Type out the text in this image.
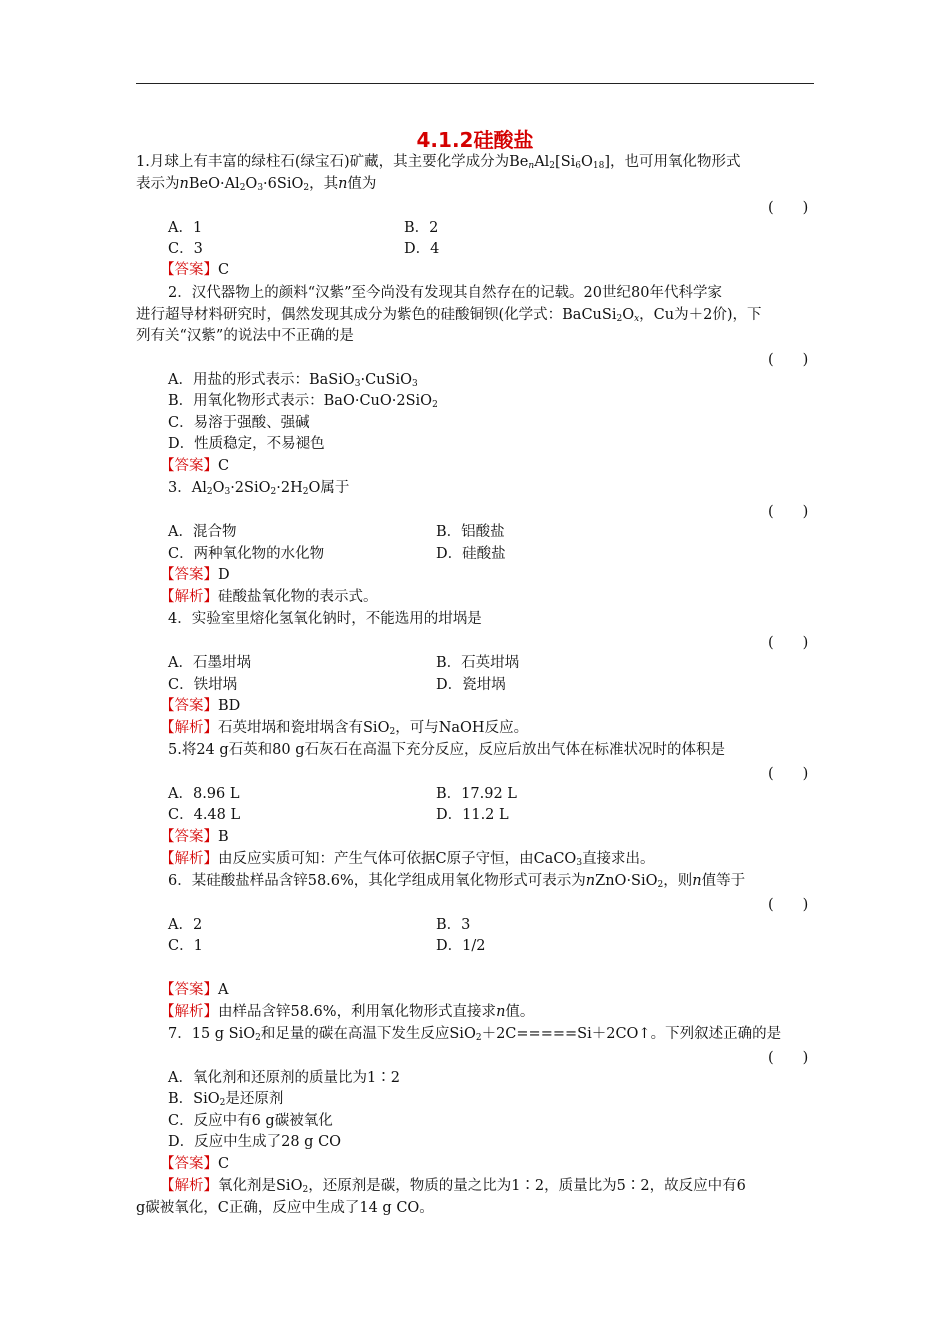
4.1.2硅酸盐
1.月球上有丰富的绿柱石(绿宝石)矿藏，其主要化学成分为$Be_nAl_2[Si_6O_{18}]$，也可用氧化物形式
表示为$nBeO\cdot Al_2O_3\cdot 6SiO_2$，其n值为
(　　)
A．1	B．2
C．3	D．4
【答案】C
2．汉代器物上的颜料“汉紫”至今尚没有发现其自然存在的记载。20世纪80年代科学家
进行超导材料研究时，偶然发现其成分为紫色的硅酸铜钡(化学式：$BaCuSi_2O_x$，Cu为＋2价)，下
列有关“汉紫”的说法中不正确的是
(　　)
A．用盐的形式表示：BaSiO$_3$·CuSiO$_3$
B．用氧化物形式表示：BaO·CuO·2SiO$_2$
C．易溶于强酸、强碱
D．性质稳定，不易褪色
【答案】C
3．$Al_2O_3\cdot 2SiO_2\cdot 2H_2O$属于
(　　)
A．混合物	B．铝酸盐
C．两种氧化物的水化物	D．硅酸盐
【答案】D
【解析】硅酸盐氧化物的表示式。
4．实验室里熔化氢氧化钠时，不能选用的坩埚是
(　　)
A．石墨坩埚	B．石英坩埚
C．铁坩埚	D．瓷坩埚
【答案】BD
【解析】石英坩埚和瓷坩埚含有SiO$_2$，可与NaOH反应。
5.将24 g石英和80 g石灰石在高温下充分反应，反应后放出气体在标准状况时的体积是
(　　)
A．8.96 L	B．17.92 L
C．4.48 L	D．11.2 L
【答案】B
【解析】由反应实质可知：产生气体可依据C原子守恒，由CaCO$_3$直接求出。
6．某硅酸盐样品含锌58.6%，其化学组成用氧化物形式可表示为nZnO·SiO$_2$，则n值等于
(　　)
A．2	B．3
C．1	D．1/2
【答案】A
【解析】由样品含锌58.6%，利用氧化物形式直接求n值。
7．15 g SiO$_2$和足量的碳在高温下发生反应SiO$_2$＋2C=====Si＋2CO↑。下列叙述正确的是
(　　)
A．氧化剂和还原剂的质量比为1∶2
B．SiO$_2$是还原剂
C．反应中有6 g碳被氧化
D．反应中生成了28 g CO
【答案】C
【解析】氧化剂是SiO$_2$，还原剂是碳，物质的量之比为1∶2，质量比为5∶2，故反应中有6
g碳被氧化，C正确，反应中生成了14 g CO。
